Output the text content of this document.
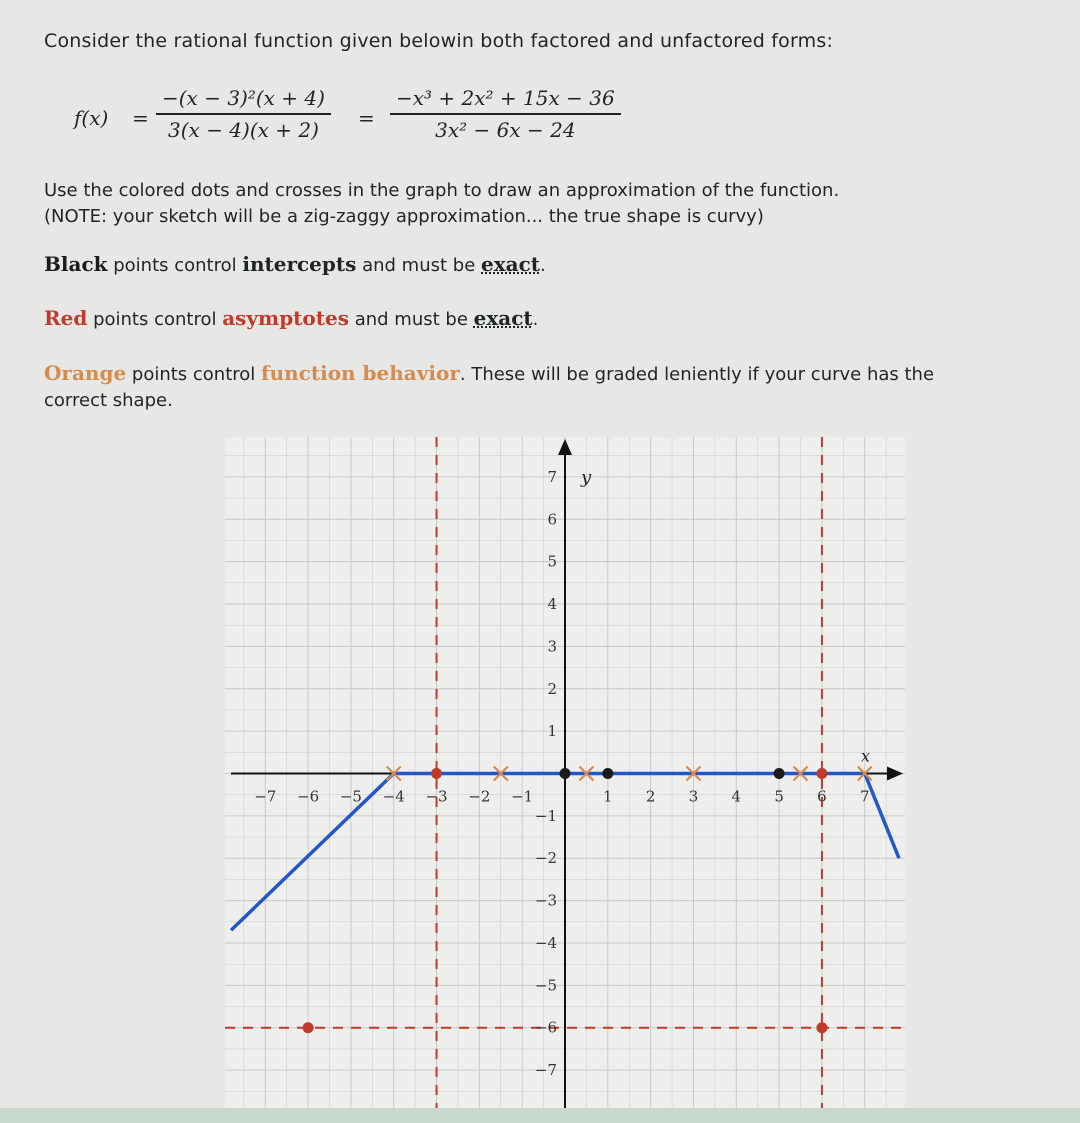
Consider the rational function given belowin both factored and unfactored forms:
f(x) =
−(x − 3)²(x + 4)
3(x − 4)(x + 2)	=
−x³ + 2x² + 15x − 36
3x² − 6x − 24
Use the colored dots and crosses in the graph to draw an approximation of the function.
(NOTE: your sketch will be a zig-zaggy approximation... the true shape is curvy)
Black points control intercepts and must be exact.
Red points control asymptotes and must be exact.
Orange points control function behavior. These will be graded leniently if your curve has the
correct shape.
x
y
−7 −6 −5 −4 −3 −2 −1	1 2 3 4 5 6 7
7
6
5
4
3
2
1
−1
−2
−3
−4
−5
−6
−7
